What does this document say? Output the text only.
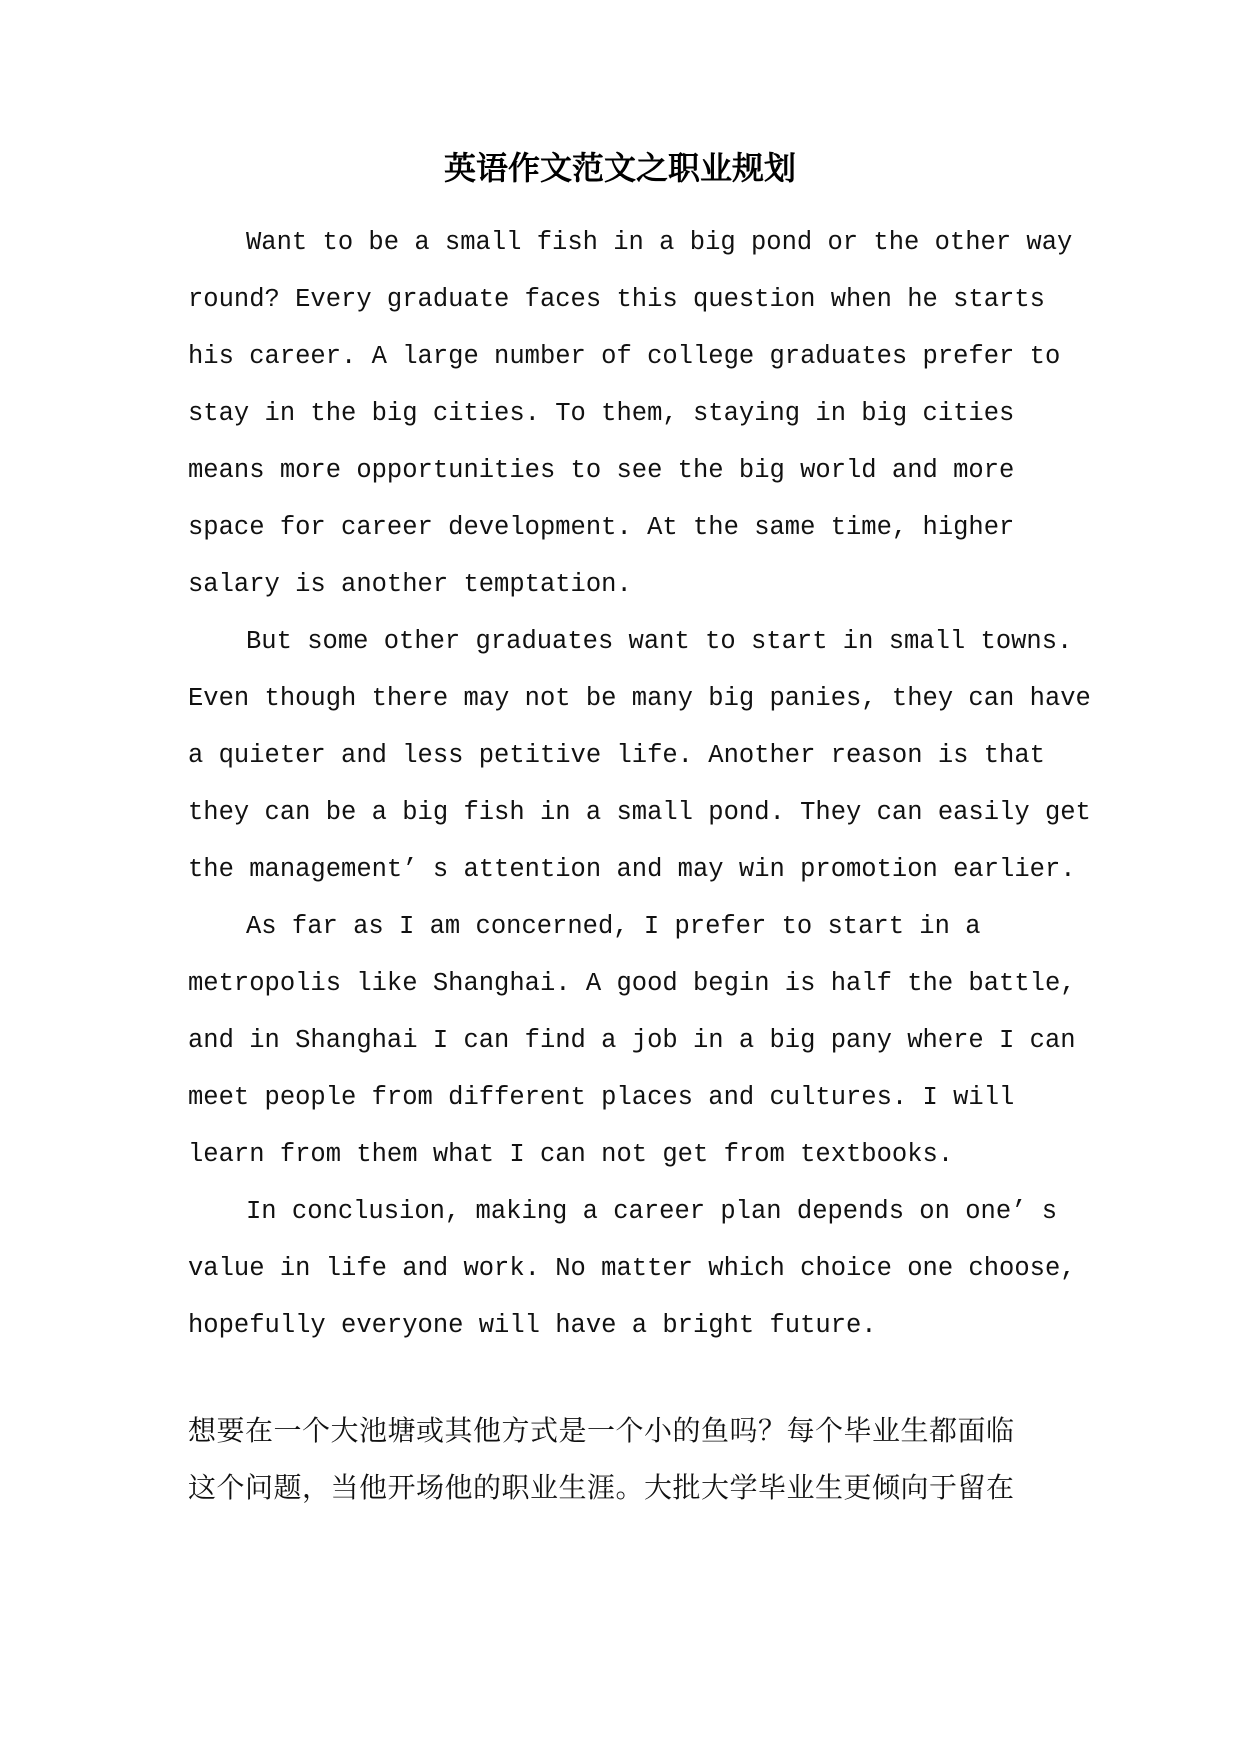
英语作文范文之职业规划
Want to be a small fish in a big pond or the other way
round? Every graduate faces this question when he starts
his career. A large number of college graduates prefer to
stay in the big cities. To them, staying in big cities
means more opportunities to see the big world and more
space for career development. At the same time, higher
salary is another temptation.
But some other graduates want to start in small towns.
Even though there may not be many big panies, they can have
a quieter and less petitive life. Another reason is that
they can be a big fish in a small pond. They can easily get
the management’ s attention and may win promotion earlier.
As far as I am concerned, I prefer to start in a
metropolis like Shanghai. A good begin is half the battle,
and in Shanghai I can find a job in a big pany where I can
meet people from different places and cultures. I will
learn from them what I can not get from textbooks.
In conclusion, making a career plan depends on one’ s
value in life and work. No matter which choice one choose,
hopefully everyone will have a bright future.
想要在一个大池塘或其他方式是一个小的鱼吗？每个毕业生都面临
这个问题，当他开场他的职业生涯。大批大学毕业生更倾向于留在
